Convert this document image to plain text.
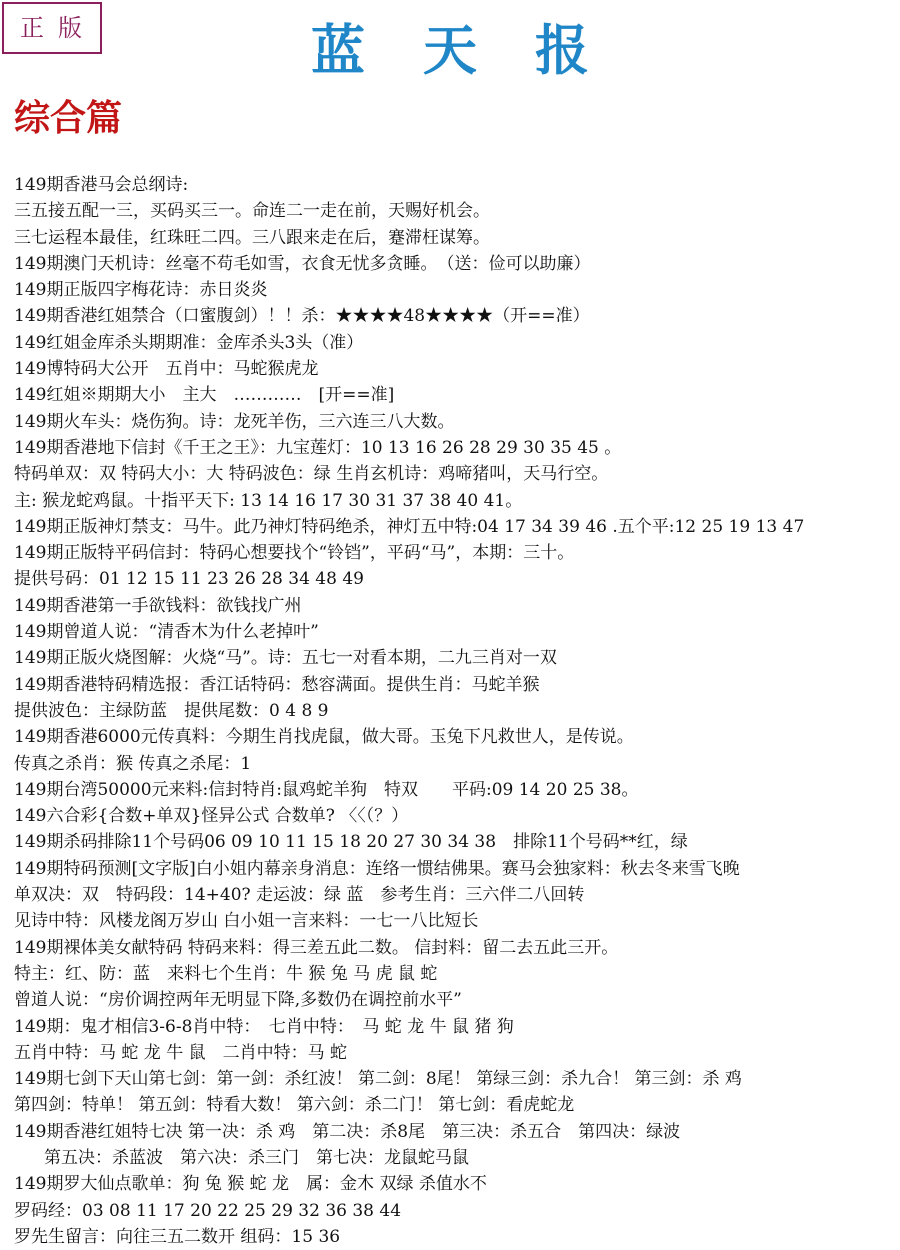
正版	蓝天报
综合篇
149期香港马会总纲诗:
三五接五配一三，买码买三一。命连二一走在前，天赐好机会。
三七运程本最佳，红珠旺二四。三八跟来走在后，蹇滞枉谋筹。
149期澳门天机诗：丝毫不苟毛如雪，衣食无忧多贪睡。　（送：俭可以助廉）
149期正版四字梅花诗：赤日炎炎
149期香港红姐禁合（口蜜腹剑）！！杀：★★★★48★★★★（开==准）
149红姐金库杀头期期准：金库杀头3头（准）
149博特码大公开　五肖中：马蛇猴虎龙
149红姐※期期大小　主大　…………　[开==准]
149期火车头：烧伤狗。诗：龙死羊伤，三六连三八大数。
149期香港地下信封《千王之王》：九宝莲灯：10 13 16 26 28 29 30 35 45 。
特码单双：双 特码大小：大 特码波色：绿 生肖玄机诗：鸡啼猪叫，天马行空。
主: 猴龙蛇鸡鼠。十指平天下: 13 14 16 17 30 31 37 38 40 41。
149期正版神灯禁支：马牛。此乃神灯特码绝杀，神灯五中特:04 17 34 39 46 .五个平:12 25 19 13 47
149期正版特平码信封：特码心想要找个“铃铛”，平码“马”，本期：三十。
提供号码：01 12 15 11 23 26 28 34 48 49
149期香港第一手欲钱料：欲钱找广州
149期曾道人说：“清香木为什么老掉叶”
149期正版火烧图解：火烧“马”。诗：五七一对看本期，二九三肖对一双
149期香港特码精选报：香江话特码：愁容满面。提供生肖：马蛇羊猴
提供波色：主绿防蓝　提供尾数：0 4 8 9
149期香港6000元传真料：今期生肖找虎鼠，做大哥。玉兔下凡救世人，是传说。
传真之杀肖：猴 传真之杀尾：1
149期台湾50000元来料:信封特肖:鼠鸡蛇羊狗　特双　　平码:09 14 20 25 38。
149六合彩{合数+单双}怪异公式 合数单? 〈〈（？）
149期杀码排除11个号码06 09 10 11 15 18 20 27 30 34 38　排除11个号码**红，绿
149期特码预测[文字版]白小姐内幕亲身消息：连络一惯结佛果。赛马会独家料：秋去冬来雪飞晚
单双决：双　特码段：14+40? 走运波：绿 蓝　参考生肖：三六伴二八回转
见诗中特：风楼龙阁万岁山 白小姐一言来料：一七一八比短长
149期裸体美女献特码 特码来料：得三差五此二数。 信封料：留二去五此三开。
特主：红、防：蓝　来料七个生肖：牛 猴 兔 马 虎 鼠 蛇
曾道人说：“房价调控两年无明显下降,多数仍在调控前水平”
149期：鬼才相信3-6-8肖中特：　七肖中特：　马 蛇 龙 牛 鼠 猪 狗
五肖中特：马 蛇 龙 牛 鼠　二肖中特：马 蛇
149期七剑下天山第七剑：第一剑：杀红波！ 第二剑：8尾！ 第绿三剑：杀九合！ 第三剑：杀 鸡
第四剑：特单！ 第五剑：特看大数！ 第六剑：杀二门！ 第七剑：看虎蛇龙
149期香港红姐特七决 第一决：杀 鸡　第二决：杀8尾　第三决：杀五合　第四决：绿波
第五决：杀蓝波　第六决：杀三门　第七决：龙鼠蛇马鼠
149期罗大仙点歌单：狗 兔 猴 蛇 龙　属：金木 双绿 杀值水不
罗码经：03 08 11 17 20 22 25 29 32 36 38 44
罗先生留言：向往三五二数开 组码：15 36
